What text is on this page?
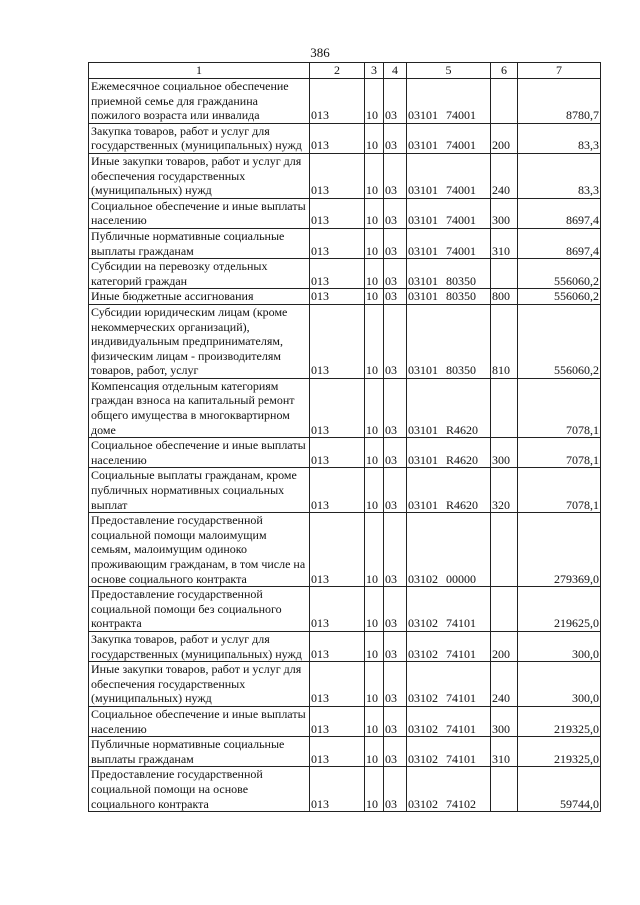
386
1	2	3	4	5	6	7
Ежемесячное социальное обеспечение приемной семье для гражданина пожилого возраста или инвалида	013	10	03	03101 74001		8780,7
Закупка товаров, работ и услуг для государственных (муниципальных) нужд	013	10	03	03101 74001	200	83,3
Иные закупки товаров, работ и услуг для обеспечения государственных (муниципальных) нужд	013	10	03	03101 74001	240	83,3
Социальное обеспечение и иные выплаты населению	013	10	03	03101 74001	300	8697,4
Публичные нормативные социальные выплаты гражданам	013	10	03	03101 74001	310	8697,4
Субсидии на перевозку отдельных категорий граждан	013	10	03	03101 80350		556060,2
Иные бюджетные ассигнования	013	10	03	03101 80350	800	556060,2
Субсидии юридическим лицам (кроме некоммерческих организаций), индивидуальным предпринимателям, физическим лицам - производителям товаров, работ, услуг	013	10	03	03101 80350	810	556060,2
Компенсация отдельным категориям граждан взноса на капитальный ремонт общего имущества в многоквартирном доме	013	10	03	03101 R4620		7078,1
Социальное обеспечение и иные выплаты населению	013	10	03	03101 R4620	300	7078,1
Социальные выплаты гражданам, кроме публичных нормативных социальных выплат	013	10	03	03101 R4620	320	7078,1
Предоставление государственной социальной помощи малоимущим семьям, малоимущим одиноко проживающим гражданам, в том числе на основе социального контракта	013	10	03	03102 00000		279369,0
Предоставление государственной социальной помощи без социального контракта	013	10	03	03102 74101		219625,0
Закупка товаров, работ и услуг для государственных (муниципальных) нужд	013	10	03	03102 74101	200	300,0
Иные закупки товаров, работ и услуг для обеспечения государственных (муниципальных) нужд	013	10	03	03102 74101	240	300,0
Социальное обеспечение и иные выплаты населению	013	10	03	03102 74101	300	219325,0
Публичные нормативные социальные выплаты гражданам	013	10	03	03102 74101	310	219325,0
Предоставление государственной социальной помощи на основе социального контракта	013	10	03	03102 74102		59744,0
